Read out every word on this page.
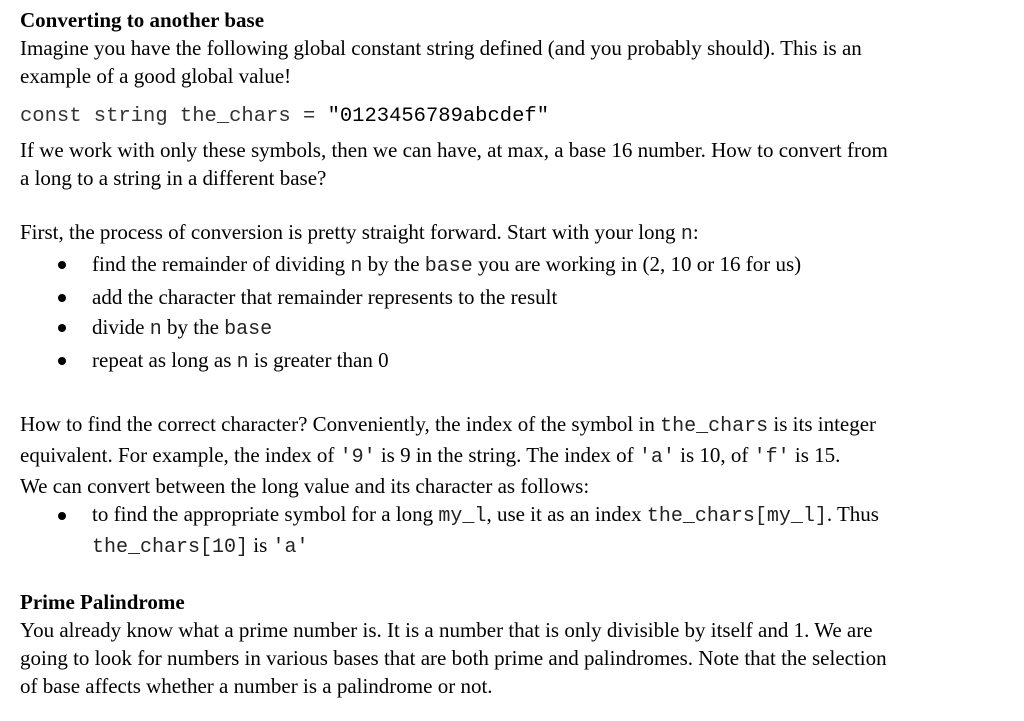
Converting to another base
Imagine you have the following global constant string defined (and you probably should). This is an
example of a good global value!
const string the_chars = "0123456789abcdef"
If we work with only these symbols, then we can have, at max, a base 16 number. How to convert from
a long to a string in a different base?
First, the process of conversion is pretty straight forward. Start with your long n:
find the remainder of dividing n by the base you are working in (2, 10 or 16 for us)
add the character that remainder represents to the result
divide n by the base
repeat as long as n is greater than 0
How to find the correct character? Conveniently, the index of the symbol in the_chars is its integer
equivalent. For example, the index of '9' is 9 in the string. The index of 'a' is 10, of 'f' is 15.
We can convert between the long value and its character as follows:
to find the appropriate symbol for a long my_l, use it as an index the_chars[my_l]. Thus
the_chars[10] is 'a'
Prime Palindrome
You already know what a prime number is. It is a number that is only divisible by itself and 1. We are
going to look for numbers in various bases that are both prime and palindromes. Note that the selection
of base affects whether a number is a palindrome or not.
